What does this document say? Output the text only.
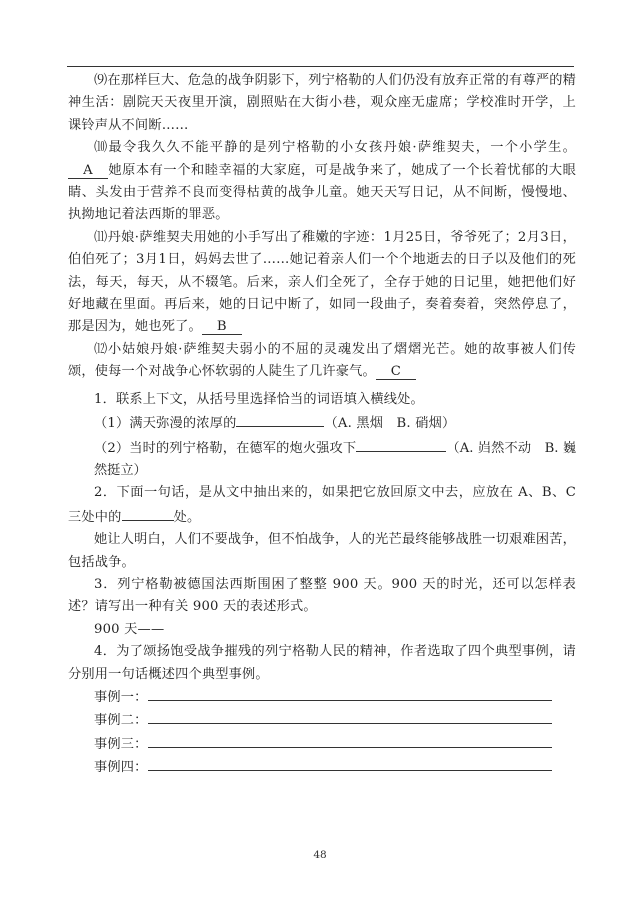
⑼在那样巨大、危急的战争阴影下，列宁格勒的人们仍没有放弃正常的有尊严的精神生活：剧院天天夜里开演，剧照贴在大街小巷，观众座无虚席；学校准时开学，上课铃声从不间断……

⑽最令我久久不能平静的是列宁格勒的小女孩丹娘·萨维契夫，一个小学生。A 她原本有一个和睦幸福的大家庭，可是战争来了，她成了一个长着忧郁的大眼睛、头发由于营养不良而变得枯黄的战争儿童。她天天写日记，从不间断，慢慢地、执拗地记着法西斯的罪恶。

⑾丹娘·萨维契夫用她的小手写出了稚嫩的字迹：1月25日，爷爷死了；2月3日，伯伯死了；3月1日，妈妈去世了……她记着亲人们一个个地逝去的日子以及他们的死法，每天，每天，从不辍笔。后来，亲人们全死了，全存于她的日记里，她把他们好好地藏在里面。再后来，她的日记中断了，如同一段曲子，奏着奏着，突然停息了，那是因为，她也死了。 B

⑿小姑娘丹娘·萨维契夫弱小的不屈的灵魂发出了熠熠光芒。她的故事被人们传颂，使每一个对战争心怀软弱的人陡生了几许豪气。 C

1．联系上下文，从括号里选择恰当的词语填入横线处。

（1）满天弥漫的浓厚的	（A. 黑烟　B. 硝烟）

（2）当时的列宁格勒，在德军的炮火强攻下	（A. 岿然不动　B. 巍然挺立）

2．下面一句话，是从文中抽出来的，如果把它放回原文中去，应放在 A、B、C 三处中的	处。

她让人明白，人们不要战争，但不怕战争，人的光芒最终能够战胜一切艰难困苦，包括战争。

3．列宁格勒被德国法西斯围困了整整 900 天。900 天的时光，还可以怎样表述？请写出一种有关 900 天的表述形式。

900 天——

4．为了颂扬饱受战争摧残的列宁格勒人民的精神，作者选取了四个典型事例，请分别用一句话概述四个典型事例。

事例一：

事例二：

事例三：

事例四：

48
